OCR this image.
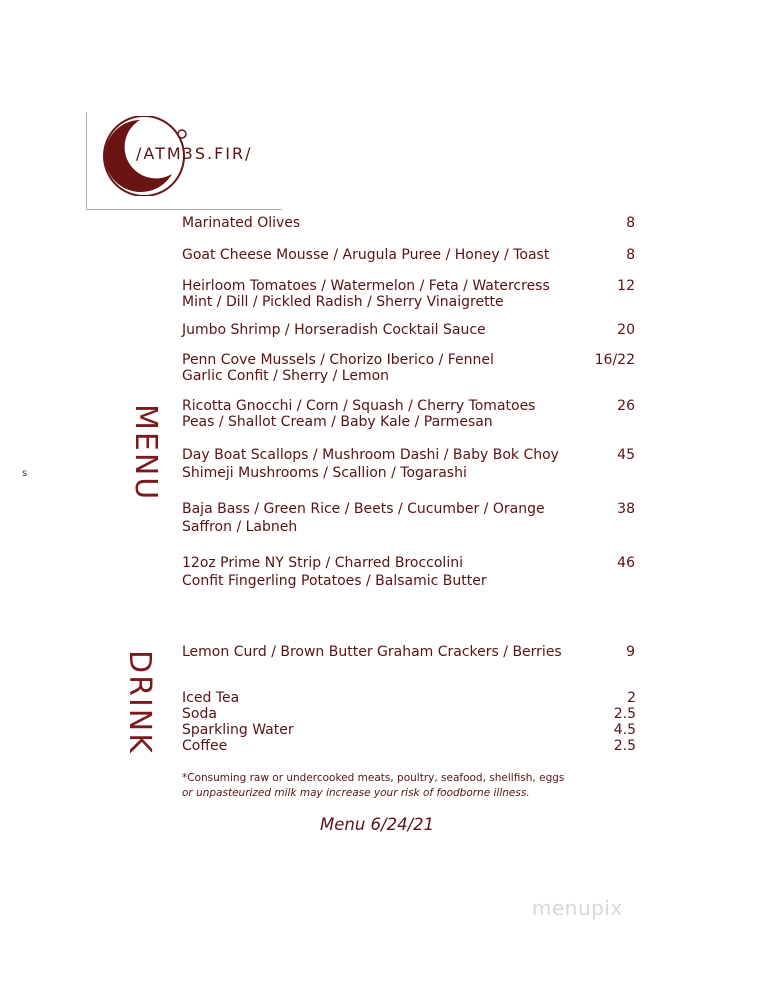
/ATM3S.FIR/
MENU
DRINK
s
Marinated Olives	8
Goat Cheese Mousse / Arugula Puree / Honey / Toast	8
Heirloom Tomatoes / Watermelon / Feta / Watercress
Mint / Dill / Pickled Radish / Sherry Vinaigrette
12
Jumbo Shrimp / Horseradish Cocktail Sauce	20
Penn Cove Mussels / Chorizo Iberico / Fennel
Garlic Confit / Sherry / Lemon
16/22
Ricotta Gnocchi / Corn / Squash / Cherry Tomatoes
Peas / Shallot Cream / Baby Kale / Parmesan
26
Day Boat Scallops / Mushroom Dashi / Baby Bok Choy
Shimeji Mushrooms / Scallion / Togarashi
45
Baja Bass / Green Rice / Beets / Cucumber / Orange
Saffron / Labneh
38
12oz Prime NY Strip / Charred Broccolini
Confit Fingerling Potatoes / Balsamic Butter
46
Lemon Curd / Brown Butter Graham Crackers / Berries	9
Iced Tea	2
Soda	2.5
Sparkling Water	4.5
Coffee	2.5
*Consuming raw or undercooked meats, poultry, seafood, shellfish, eggs
or unpasteurized milk may increase your risk of foodborne illness.
Menu 6/24/21
menupix
